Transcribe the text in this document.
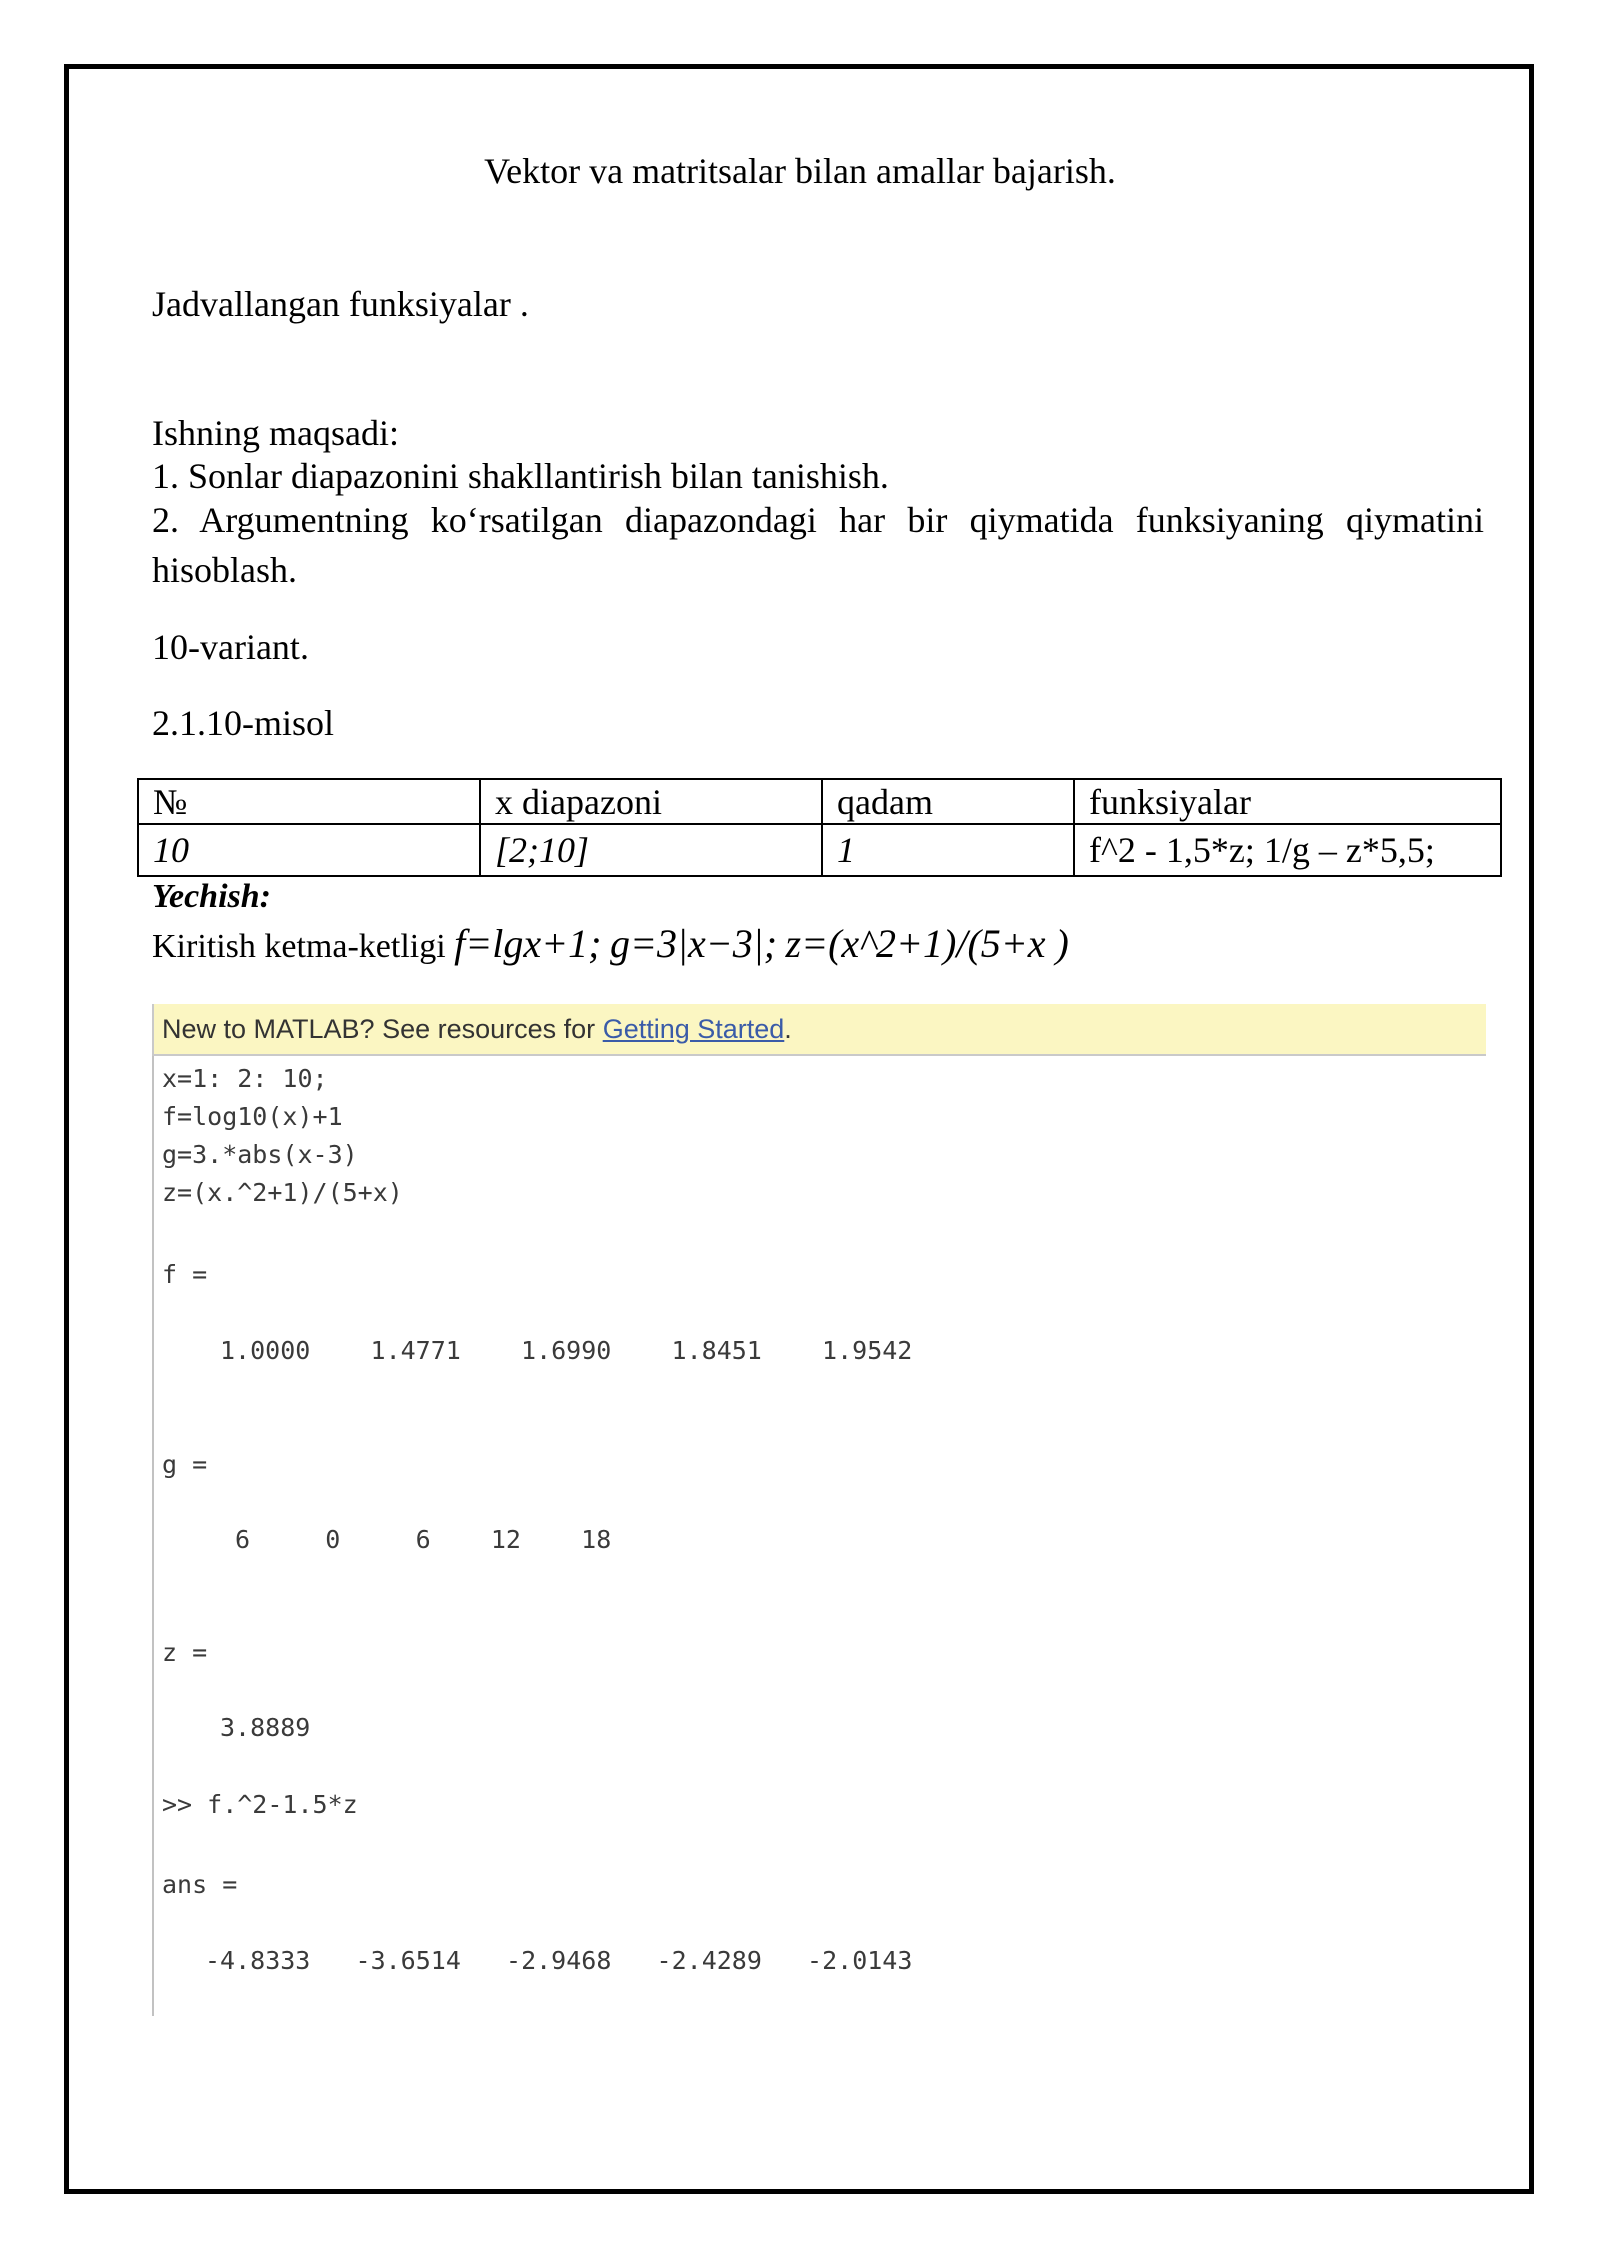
Vektor va matritsalar bilan amallar bajarish.

Jadvallangan funksiyalar .

Ishning maqsadi:

1. Sonlar diapazonini shakllantirish bilan tanishish.

2. Argumentning ko‘rsatilgan diapazondagi har bir qiymatida funksiyaning qiymatini hisoblash.

10-variant.

2.1.10-misol

№	x diapazoni	qadam	funksiyalar
10	[2;10]	1	f^2 - 1,5*z; 1/g – z*5,5;

Yechish:

Kiritish ketma-ketligi f=lgx+1; g=3|x−3|; z=(x^2+1)/(5+x )

New to MATLAB? See resources for Getting Started.

x=1: 2: 10;

f=log10(x)+1

g=3.*abs(x-3)

z=(x.^2+1)/(5+x)

f =

1.0000    1.4771    1.6990    1.8451    1.9542

g =

6     0     6    12    18

z =

3.8889

>> f.^2-1.5*z

ans =

-4.8333   -3.6514   -2.9468   -2.4289   -2.0143
